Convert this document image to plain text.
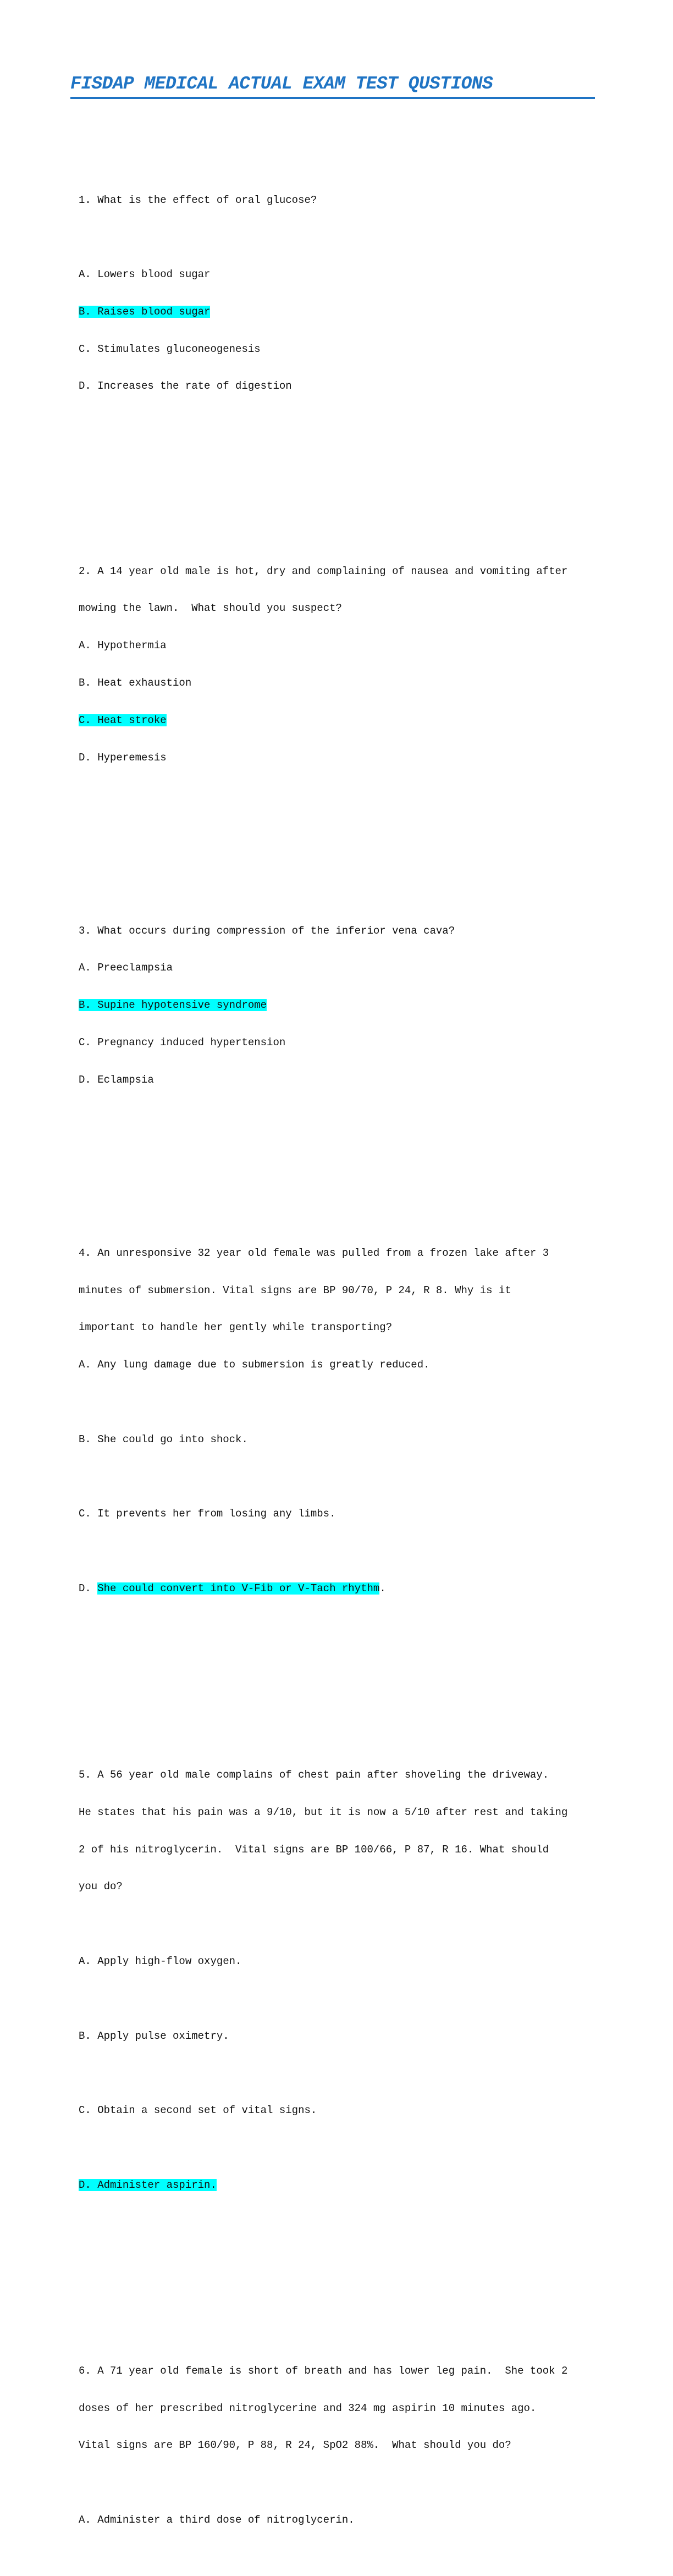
FISDAP MEDICAL ACTUAL EXAM TEST QUSTIONS

1. What is the effect of oral glucose?

A. Lowers blood sugar

B. Raises blood sugar

C. Stimulates gluconeogenesis

D. Increases the rate of digestion

2. A 14 year old male is hot, dry and complaining of nausea and vomiting after

mowing the lawn.  What should you suspect?

A. Hypothermia

B. Heat exhaustion

C. Heat stroke

D. Hyperemesis

3. What occurs during compression of the inferior vena cava?

A. Preeclampsia

B. Supine hypotensive syndrome

C. Pregnancy induced hypertension

D. Eclampsia

4. An unresponsive 32 year old female was pulled from a frozen lake after 3

minutes of submersion. Vital signs are BP 90/70, P 24, R 8. Why is it

important to handle her gently while transporting?

A. Any lung damage due to submersion is greatly reduced.

B. She could go into shock.

C. It prevents her from losing any limbs.

D. She could convert into V-Fib or V-Tach rhythm.

5. A 56 year old male complains of chest pain after shoveling the driveway.

He states that his pain was a 9/10, but it is now a 5/10 after rest and taking

2 of his nitroglycerin.  Vital signs are BP 100/66, P 87, R 16. What should

you do?

A. Apply high-flow oxygen.

B. Apply pulse oximetry.

C. Obtain a second set of vital signs.

D. Administer aspirin.

6. A 71 year old female is short of breath and has lower leg pain.  She took 2

doses of her prescribed nitroglycerine and 324 mg aspirin 10 minutes ago.

Vital signs are BP 160/90, P 88, R 24, SpO2 88%.  What should you do?

A. Administer a third dose of nitroglycerin.
